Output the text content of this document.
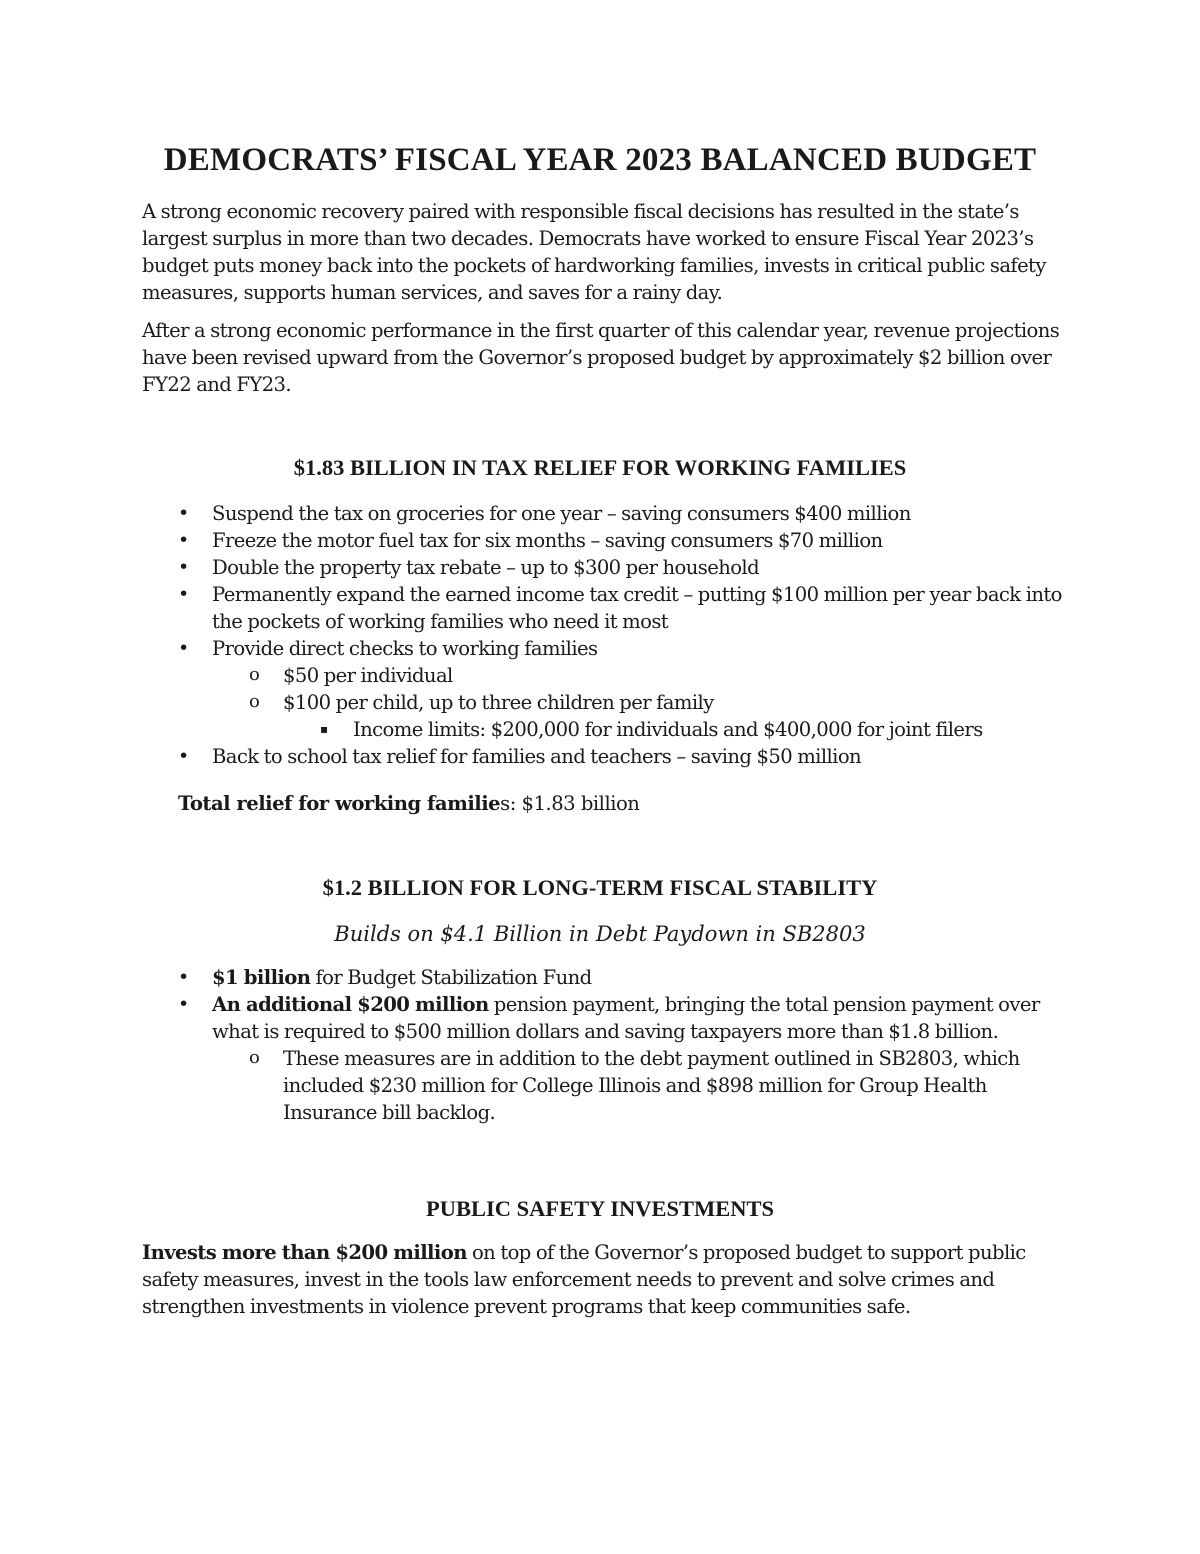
DEMOCRATS’ FISCAL YEAR 2023 BALANCED BUDGET

A strong economic recovery paired with responsible fiscal decisions has resulted in the state’s largest surplus in more than two decades. Democrats have worked to ensure Fiscal Year 2023’s budget puts money back into the pockets of hardworking families, invests in critical public safety measures, supports human services, and saves for a rainy day.

After a strong economic performance in the first quarter of this calendar year, revenue projections have been revised upward from the Governor’s proposed budget by approximately $2 billion over FY22 and FY23.

$1.83 BILLION IN TAX RELIEF FOR WORKING FAMILIES
• Suspend the tax on groceries for one year – saving consumers $400 million
• Freeze the motor fuel tax for six months – saving consumers $70 million
• Double the property tax rebate – up to $300 per household
• Permanently expand the earned income tax credit – putting $100 million per year back into the pockets of working families who need it most
• Provide direct checks to working families
o $50 per individual
o $100 per child, up to three children per family
▪ Income limits: $200,000 for individuals and $400,000 for joint filers
• Back to school tax relief for families and teachers – saving $50 million

Total relief for working families: $1.83 billion

$1.2 BILLION FOR LONG-TERM FISCAL STABILITY
Builds on $4.1 Billion in Debt Paydown in SB2803
• $1 billion for Budget Stabilization Fund
• An additional $200 million pension payment, bringing the total pension payment over what is required to $500 million dollars and saving taxpayers more than $1.8 billion.
o These measures are in addition to the debt payment outlined in SB2803, which included $230 million for College Illinois and $898 million for Group Health Insurance bill backlog.
PUBLIC SAFETY INVESTMENTS

Invests more than $200 million on top of the Governor’s proposed budget to support public safety measures, invest in the tools law enforcement needs to prevent and solve crimes and strengthen investments in violence prevent programs that keep communities safe.
